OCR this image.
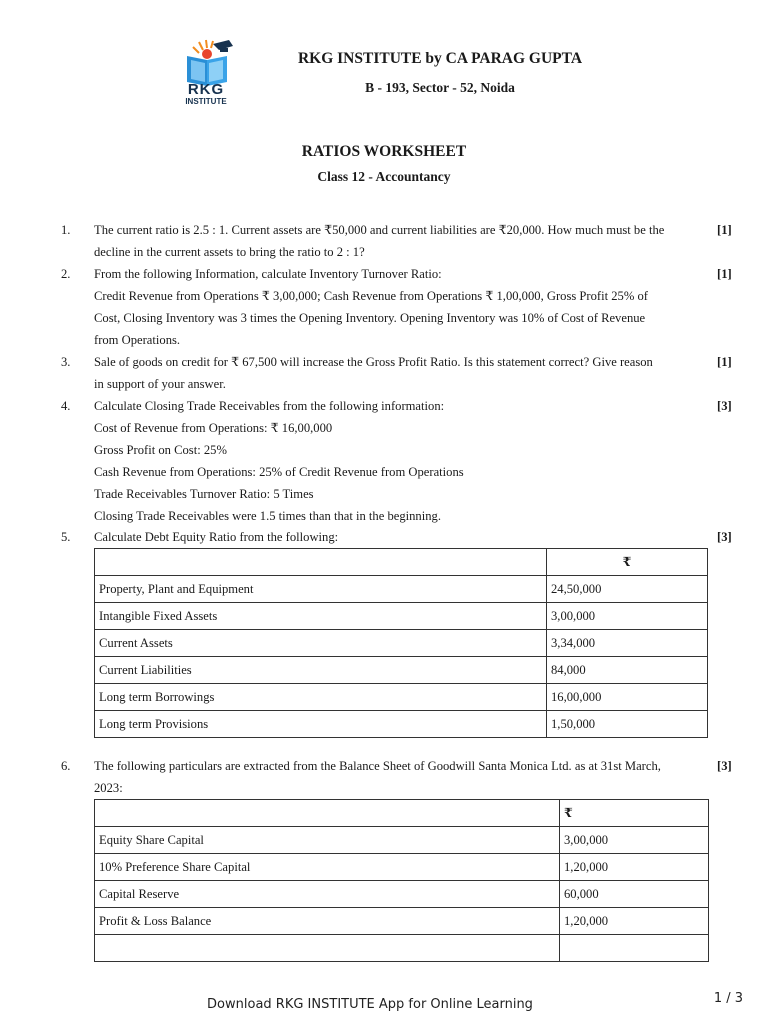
RKG
INSTITUTE
RKG INSTITUTE by CA PARAG GUPTA
B - 193, Sector - 52, Noida
RATIOS WORKSHEET
Class 12 - Accountancy
1. The current ratio is 2.5 : 1. Current assets are ₹50,000 and current liabilities are ₹20,000. How much must be the
decline in the current assets to bring the ratio to 2 : 1?
[1]
2. From the following Information, calculate Inventory Turnover Ratio:
Credit Revenue from Operations ₹ 3,00,000; Cash Revenue from Operations ₹ 1,00,000, Gross Profit 25% of
Cost, Closing Inventory was 3 times the Opening Inventory. Opening Inventory was 10% of Cost of Revenue
from Operations.
[1]
3. Sale of goods on credit for ₹ 67,500 will increase the Gross Profit Ratio. Is this statement correct? Give reason
in support of your answer.
[1]
4. Calculate Closing Trade Receivables from the following information:
Cost of Revenue from Operations: ₹ 16,00,000
Gross Profit on Cost: 25%
Cash Revenue from Operations: 25% of Credit Revenue from Operations
Trade Receivables Turnover Ratio: 5 Times
Closing Trade Receivables were 1.5 times than that in the beginning.
[3]
5. Calculate Debt Equity Ratio from the following:	[3]
	₹
Property, Plant and Equipment	24,50,000
Intangible Fixed Assets	3,00,000
Current Assets	3,34,000
Current Liabilities	84,000
Long term Borrowings	16,00,000
Long term Provisions	1,50,000
6. The following particulars are extracted from the Balance Sheet of Goodwill Santa Monica Ltd. as at 31st March,
2023:
[3]
	₹
Equity Share Capital	3,00,000
10% Preference Share Capital	1,20,000
Capital Reserve	60,000
Profit & Loss Balance	1,20,000

Download RKG INSTITUTE App for Online Learning	1 / 3
